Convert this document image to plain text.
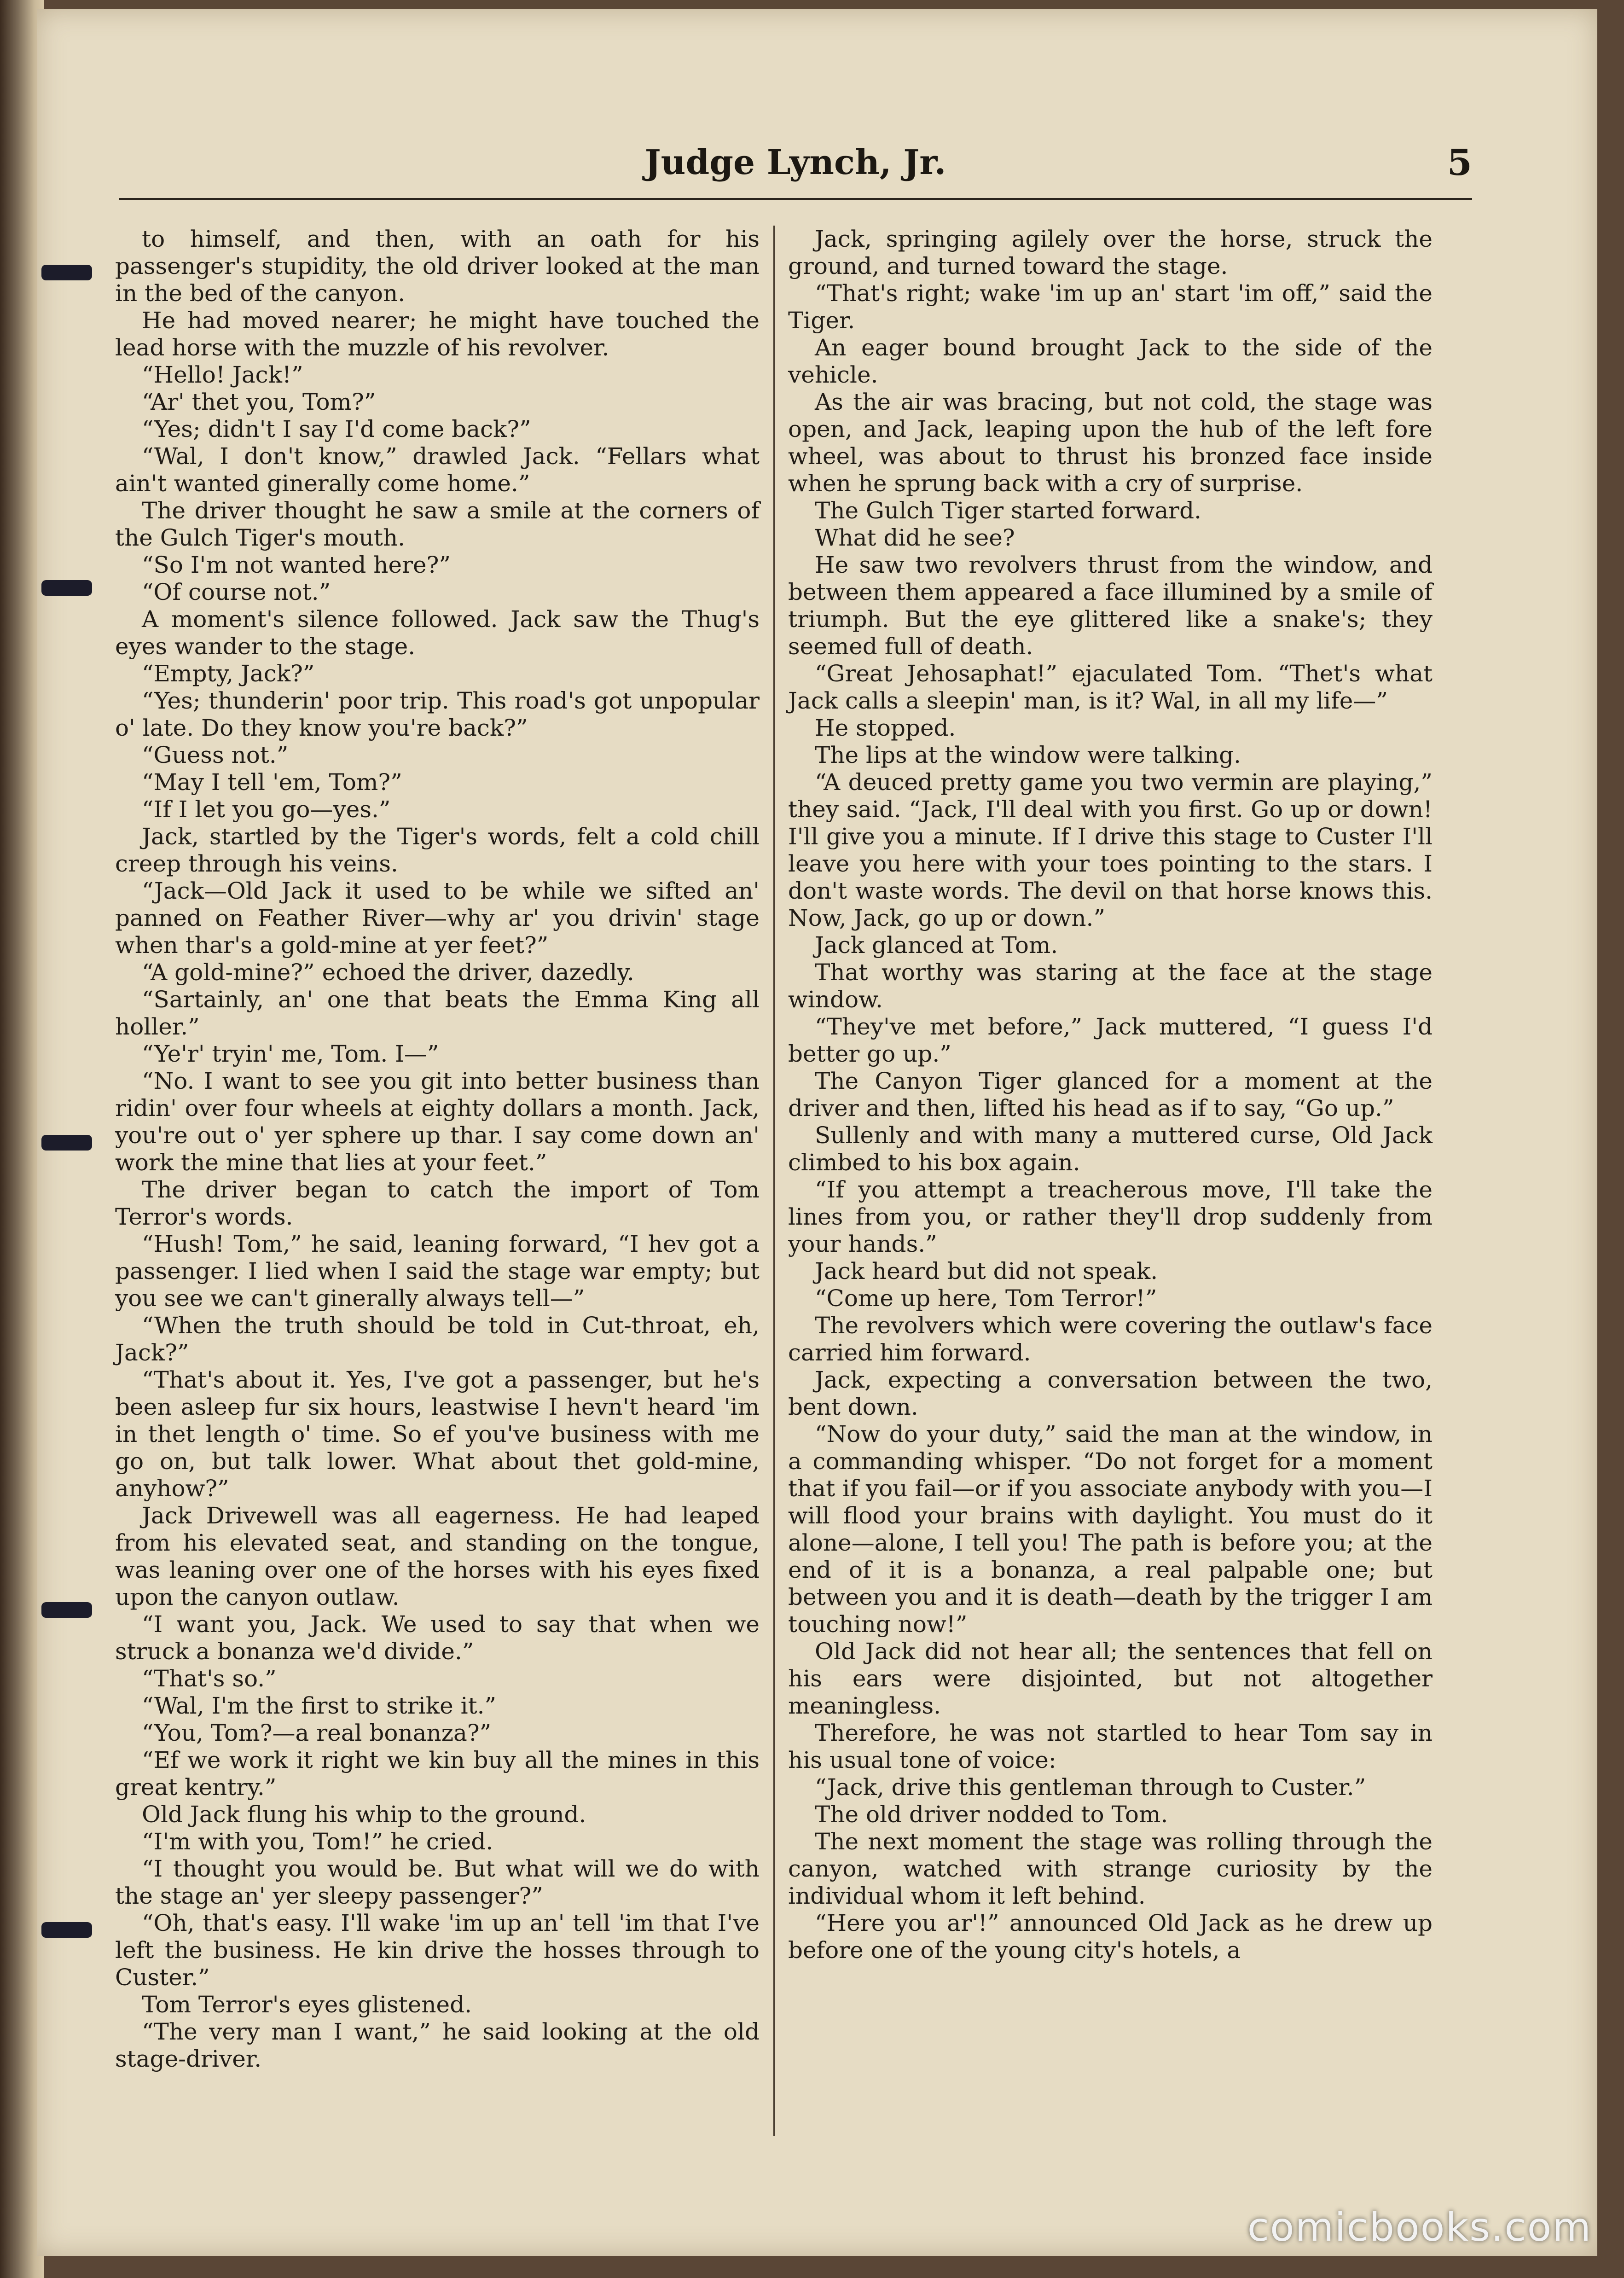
Judge Lynch, Jr.	5

to himself, and then, with an oath for his passenger's stupidity, the old driver looked at the man in the bed of the canyon.

He had moved nearer; he might have touched the lead horse with the muzzle of his revolver.

“Hello! Jack!”

“Ar' thet you, Tom?”

“Yes; didn't I say I'd come back?”

“Wal, I don't know,” drawled Jack. “Fellars what ain't wanted ginerally come home.”

The driver thought he saw a smile at the corners of the Gulch Tiger's mouth.

“So I'm not wanted here?”

“Of course not.”

A moment's silence followed. Jack saw the Thug's eyes wander to the stage.

“Empty, Jack?”

“Yes; thunderin' poor trip. This road's got unpopular o' late. Do they know you're back?”

“Guess not.”

“May I tell 'em, Tom?”

“If I let you go—yes.”

Jack, startled by the Tiger's words, felt a cold chill creep through his veins.

“Jack—Old Jack it used to be while we sifted an' panned on Feather River—why ar' you drivin' stage when thar's a gold-mine at yer feet?”

“A gold-mine?” echoed the driver, dazedly.

“Sartainly, an' one that beats the Emma King all holler.”

“Ye'r' tryin' me, Tom. I—”

“No. I want to see you git into better business than ridin' over four wheels at eighty dollars a month. Jack, you're out o' yer sphere up thar. I say come down an' work the mine that lies at your feet.”

The driver began to catch the import of Tom Terror's words.

“Hush! Tom,” he said, leaning forward, “I hev got a passenger. I lied when I said the stage war empty; but you see we can't ginerally always tell—”

“When the truth should be told in Cut-throat, eh, Jack?”

“That's about it. Yes, I've got a passenger, but he's been asleep fur six hours, leastwise I hevn't heard 'im in thet length o' time. So ef you've business with me go on, but talk lower. What about thet gold-mine, anyhow?”

Jack Drivewell was all eagerness. He had leaped from his elevated seat, and standing on the tongue, was leaning over one of the horses with his eyes fixed upon the canyon outlaw.

“I want you, Jack. We used to say that when we struck a bonanza we'd divide.”

“That's so.”

“Wal, I'm the first to strike it.”

“You, Tom?—a real bonanza?”

“Ef we work it right we kin buy all the mines in this great kentry.”

Old Jack flung his whip to the ground.

“I'm with you, Tom!” he cried.

“I thought you would be. But what will we do with the stage an' yer sleepy passenger?”

“Oh, that's easy. I'll wake 'im up an' tell 'im that I've left the business. He kin drive the hosses through to Custer.”

Tom Terror's eyes glistened.

“The very man I want,” he said looking at the old stage-driver.

Jack, springing agilely over the horse, struck the ground, and turned toward the stage.

“That's right; wake 'im up an' start 'im off,” said the Tiger.

An eager bound brought Jack to the side of the vehicle.

As the air was bracing, but not cold, the stage was open, and Jack, leaping upon the hub of the left fore wheel, was about to thrust his bronzed face inside when he sprung back with a cry of surprise.

The Gulch Tiger started forward.

What did he see?

He saw two revolvers thrust from the window, and between them appeared a face illumined by a smile of triumph. But the eye glittered like a snake's; they seemed full of death.

“Great Jehosaphat!” ejaculated Tom. “Thet's what Jack calls a sleepin' man, is it? Wal, in all my life—”

He stopped.

The lips at the window were talking.

“A deuced pretty game you two vermin are playing,” they said. “Jack, I'll deal with you first. Go up or down! I'll give you a minute. If I drive this stage to Custer I'll leave you here with your toes pointing to the stars. I don't waste words. The devil on that horse knows this. Now, Jack, go up or down.”

Jack glanced at Tom.

That worthy was staring at the face at the stage window.

“They've met before,” Jack muttered, “I guess I'd better go up.”

The Canyon Tiger glanced for a moment at the driver and then, lifted his head as if to say, “Go up.”

Sullenly and with many a muttered curse, Old Jack climbed to his box again.

“If you attempt a treacherous move, I'll take the lines from you, or rather they'll drop suddenly from your hands.”

Jack heard but did not speak.

“Come up here, Tom Terror!”

The revolvers which were covering the outlaw's face carried him forward.

Jack, expecting a conversation between the two, bent down.

“Now do your duty,” said the man at the window, in a commanding whisper. “Do not forget for a moment that if you fail—or if you associate anybody with you—I will flood your brains with daylight. You must do it alone—alone, I tell you! The path is before you; at the end of it is a bonanza, a real palpable one; but between you and it is death—death by the trigger I am touching now!”

Old Jack did not hear all; the sentences that fell on his ears were disjointed, but not altogether meaningless.

Therefore, he was not startled to hear Tom say in his usual tone of voice:

“Jack, drive this gentleman through to Custer.”

The old driver nodded to Tom.

The next moment the stage was rolling through the canyon, watched with strange curiosity by the individual whom it left behind.

“Here you ar'!” announced Old Jack as he drew up before one of the young city's hotels, a

comicbooks.com
